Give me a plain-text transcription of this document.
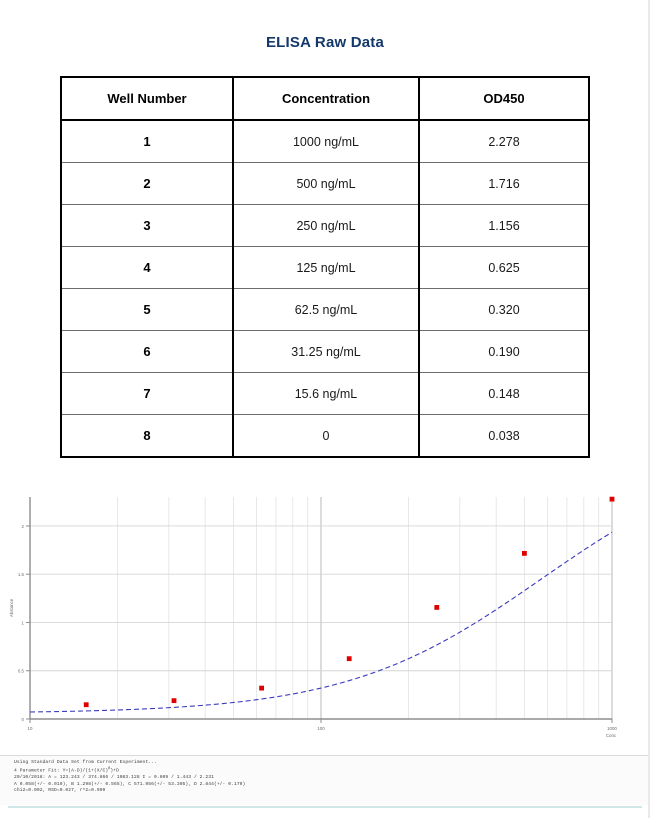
ELISA Raw Data
Well Number	Concentration	OD450
1	1000 ng/mL	2.278
2	500 ng/mL	1.716
3	250 ng/mL	1.156
4	125 ng/mL	0.625
5	62.5 ng/mL	0.320
6	31.25 ng/mL	0.190
7	15.6 ng/mL	0.148
8	0	0.038
0
0.5
1
1.5
2
10	100	1000
Conc
Abstance
Using Standard Data Set from Current Experiment...
4 Parameter Fit: $Y=(A-D)/(1+(X/C)^B)+D$
20/10/2018: A = 123.243 / 374.866 / 1083.128 I = 0.609 / 1.443 / 2.231
A 0.058(+/- 0.019), B 1.298(+/- 0.565), C 571.956(+/- 53.395), D 2.844(+/- 0.179)
chi2=0.002, RSD=0.027, r^2=0.999
